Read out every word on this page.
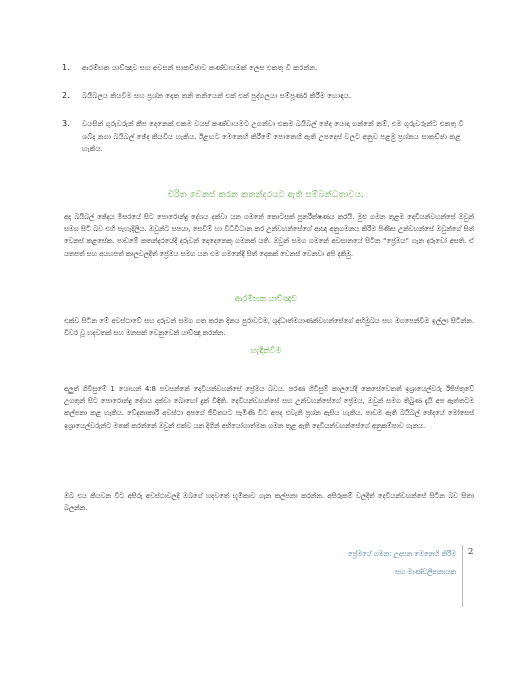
1.	ආරම්භක යාච්ඤාව සහ අවසන් සාකච්ඡාව කණ්ඩායමක් ලෙස එකතු වී කරන්න.
2.	බයිබලය කියවීම සහ ප්‍රශ්න දෙක තනි තනියෙන් එක් එක් පුද්ගලයා සම්පූර්ණ කිරීම හොඳය.
3.	වයසින් ගුරුවරුන් කීප දෙනෙක් එකම වයස් කණ්ඩායමට උගන්වා එකම බයිබල් ඡේද යොදා ගන්නේ නම්, එම ගුරුවරුන්ට එකතු වී ශබ්ද නගා බයිබල් ඡේද කියවිය හැකිය. ඊළඟට මෙනෙහි කිරීමේ පොතෙහි ඇති උපදෙස් වලට අනුව පළමු ප්‍රශ්නය සාකච්ඡා කළ හැකිය.
චරිත වෙනස් කරන කතන්දරයට ඇති සම්බන්ධතාවය.

අද බයිබල් ඡේදය මීසරයේ සිට පොරොන්දු දේශය දක්වා යන ගමනේ කොටසක් පුනරීක්ෂණය කරයි. මුළු ගමන තුළම දෙවියන්වහන්සේ ඔවුන් සමග සිටි බව එහි පැහැදිලිය. ඔවුන්ට සපයා, සෙවීම් හා විධිවිධාන කර උන්වහන්සේගේ ආඥා අනුගමනය කිරීම පිණිස උන්වහන්සේ ඔවුන්ගේ සිත් වෙනස් කළසේක. පාඩමේ කතන්දරයේදී දරුවන් දෙදෙනෙකු ගමනක් යති. ඔවුන් සමග ගමනේ අවසානයේ සිටින “ප්‍රේමය” ගැන දරුවෝ අසති. ඒ යතපත් සහ අයහපත් කාලවලදීත් ප්‍රේමය සමග යන එම ගමනේදී සිත් දෙකක් වෙනස් වෙනවා අපි දකිමු.

ආරම්භක යාච්ඤාව

එක්ව සිටින මේ අවස්ථාවේ සහ දරුවන් සමග ගත කරන දිනය පුරාවටම, ශුද්ධාත්මයාණන්වහන්සේගේ අභිමුඛය සහ මගපෙන්වීම ඉල්ලා සිටින්න. විවර වූ හදවතක් සහ මනසක් වෙනුවෙන් යාච්ඤා කරන්න.

හැඳින්වීම

අලුත් ගිවිසුමේ 1 යොහන් 4:8 පවසන්නේ දෙවියන්වහන්සේ ප්‍රේමය බවය. පරණ ගිවිසුම් කාලයේදී කෙසේවෙතත් ඉශ්‍රායෙල්වරු ඊජිප්තුවේ උගතුන් සිට පොරොන්දු දේශය දක්වා බොහෝ දුක් විඳිති. දෙවියන්වහන්සේ සහ උන්වහන්සේගේ ප්‍රේමය, ඔවුන් සමග තිබුණ දැයි අප ඇත්තටම කල්පනා කළ හැකිය. වේදනාකාරී අවස්ථා අපගේ ජීවිතයට පැමිණි විට අපද එවැනි ප්‍රශ්න ඇසිය හැකිය. පාඩම ඇති බයිබල් ඡේදයේ මෝසෙස් ඉශ්‍රායෙල්වරුන්ට මතක් කරන්නේ ඔවුන් එක්ව යන දිගින් අභියෝගාත්මක ගමන තුළ ඇති දෙවියන්වහන්සේගේ අනුකම්පාව ගැනය.

ඔබ එය කියවන විට අසීරු අවස්ථාවලදී ඔබගේ හදවතේ භූමිකාව ගැන කල්පනා කරන්න. අසීරුකම් වලදීත් දෙවියන්වහන්සේ සිටින බව සිතා බලන්න.

ප්‍රේමයේ ගමන: උදාසන මෙනෙහි කිරීම
සහ මාණ්ඩලිකනායක
2
